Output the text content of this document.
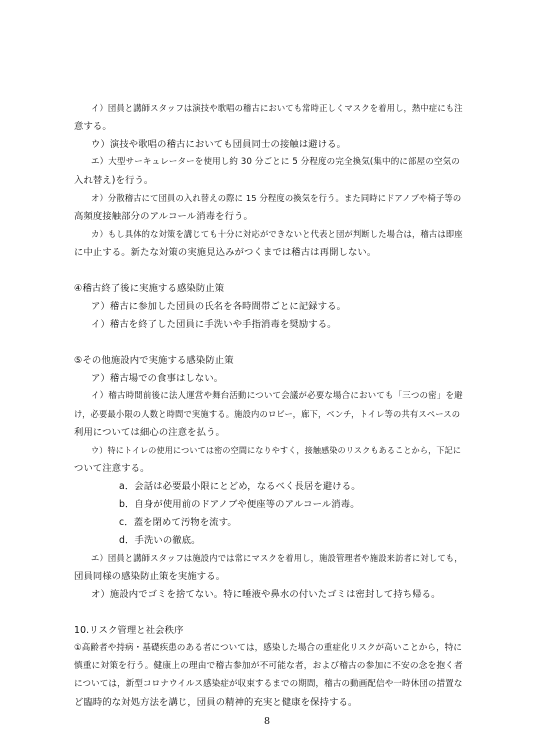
イ）団員と講師スタッフは演技や歌唱の稽古においても常時正しくマスクを着用し，熱中症にも注
意する。
ウ）演技や歌唱の稽古においても団員同士の接触は避ける。
エ）大型サーキュレーターを使用し約 30 分ごとに 5 分程度の完全換気(集中的に部屋の空気の
入れ替え)を行う。
オ）分散稽古にて団員の入れ替えの際に 15 分程度の換気を行う。また同時にドアノブや椅子等の
高頻度接触部分のアルコール消毒を行う。
カ）もし具体的な対策を講じても十分に対応ができないと代表と団が判断した場合は，稽古は即座
に中止する。新たな対策の実施見込みがつくまでは稽古は再開しない。
④稽古終了後に実施する感染防止策
ア）稽古に参加した団員の氏名を各時間帯ごとに記録する。
イ）稽古を終了した団員に手洗いや手指消毒を奨励する。
⑤その他施設内で実施する感染防止策
ア）稽古場での食事はしない。
イ）稽古時間前後に法人運営や舞台活動について会議が必要な場合においても「三つの密」を避
け，必要最小限の人数と時間で実施する。施設内のロビー，廊下，ベンチ，トイレ等の共有スペースの
利用については細心の注意を払う。
ウ）特にトイレの使用については密の空間になりやすく，接触感染のリスクもあることから，下記に
ついて注意する。
a．会話は必要最小限にとどめ，なるべく長居を避ける。
b．自身が使用前のドアノブや便座等のアルコール消毒。
c．蓋を閉めて汚物を流す。
d．手洗いの徹底。
エ）団員と講師スタッフは施設内では常にマスクを着用し，施設管理者や施設来訪者に対しても，
団員同様の感染防止策を実施する。
オ）施設内でゴミを捨てない。特に唾液や鼻水の付いたゴミは密封して持ち帰る。
10.リスク管理と社会秩序
①高齢者や持病・基礎疾患のある者については，感染した場合の重症化リスクが高いことから，特に
慎重に対策を行う。健康上の理由で稽古参加が不可能な者，および稽古の参加に不安の念を抱く者
については，新型コロナウイルス感染症が収束するまでの期間，稽古の動画配信や一時休団の措置な
ど臨時的な対処方法を講じ，団員の精神的充実と健康を保持する。
8
